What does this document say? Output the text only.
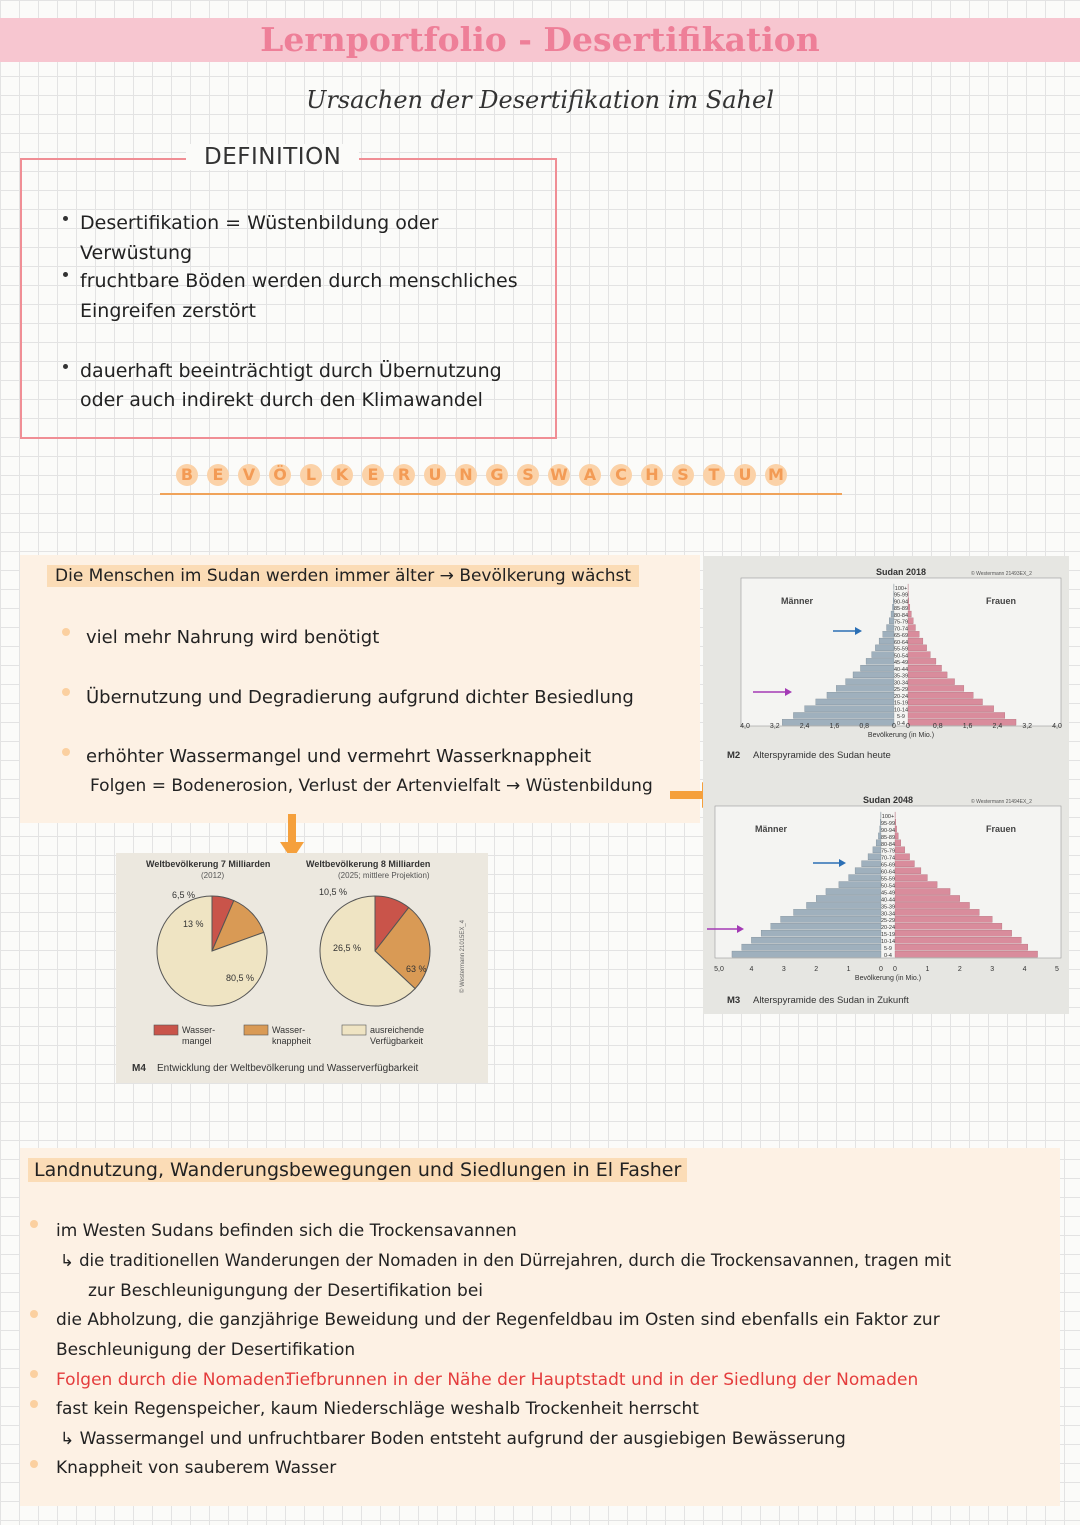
Lernportfolio - Desertifikation
Ursachen der Desertifikation im Sahel
DEFINITION
Desertifikation = Wüstenbildung oder Verwüstung
fruchtbare Böden werden durch menschliches
Eingreifen zerstört
dauerhaft beeinträchtigt durch Übernutzung
oder auch indirekt durch den Klimawandel
B	E	V	Ö	L	K	E	R	U N G	S	W A	C	H	S	T	U M
Die Menschen im Sudan werden immer älter → Bevölkerung wächst
viel mehr Nahrung wird benötigt
Übernutzung und Degradierung aufgrund dichter Besiedlung
erhöhter Wassermangel und vermehrt Wasserknappheit
Folgen = Bodenerosion, Verlust der Artenvielfalt → Wüstenbildung
Weltbevölkerung 7 Milliarden
(2012)
6,5 %
13 %
80,5 %
Weltbevölkerung 8 Milliarden
(2025; mittlere Projektion)
10,5 %
26,5 %
63 %
Wasser-
mangel
Wasser-
knappheit
ausreichende
Verfügbarkeit
M4 Entwicklung der Weltbevölkerung und Wasserverfügbarkeit
© Westermann 21015EX_4
Sudan 2018	© Westermann 21493EX_2
Männer	Frauen
0-4
5-9
10-14
15-19
20-24
25-29
30-34
35-39
40-44
45-49
50-54
55-59
60-64
65-69
70-74
75-79
80-84
85-89
90-94
95-99
100+
4,0	3,2	2,4	1,6	0,8	0 0	0,8	1,6	2,4	3,2	4,0
Bevölkerung (in Mio.)
M2 Alterspyramide des Sudan heute
Sudan 2048	© Westermann 21494EX_2
Männer	Frauen
0-4
5-9
10-14
15-19
20-24
25-29
30-34
35-39
40-44
45-49
50-54
55-59
60-64
65-69
70-74
75-79
80-84
85-89
90-94
95-99
100+
5,0	4	3	2	1	0 0	1	2	3	4	5
Bevölkerung (in Mio.)
M3 Alterspyramide des Sudan in Zukunft
Landnutzung, Wanderungsbewegungen und Siedlungen in El Fasher
im Westen Sudans befinden sich die Trockensavannen
↳ die traditionellen Wanderungen der Nomaden in den Dürrejahren, durch die Trockensavannen, tragen mit
zur Beschleunigungung der Desertifikation bei
die Abholzung, die ganzjährige Beweidung und der Regenfeldbau im Osten sind ebenfalls ein Faktor zur
Beschleunigung der Desertifikation
Folgen durch die Nomaden:
Tiefbrunnen in der Nähe der Hauptstadt und in der Siedlung der Nomaden
fast kein Regenspeicher, kaum Niederschläge weshalb Trockenheit herrscht
↳ Wassermangel und unfruchtbarer Boden entsteht aufgrund der ausgiebigen Bewässerung
Knappheit von sauberem Wasser
